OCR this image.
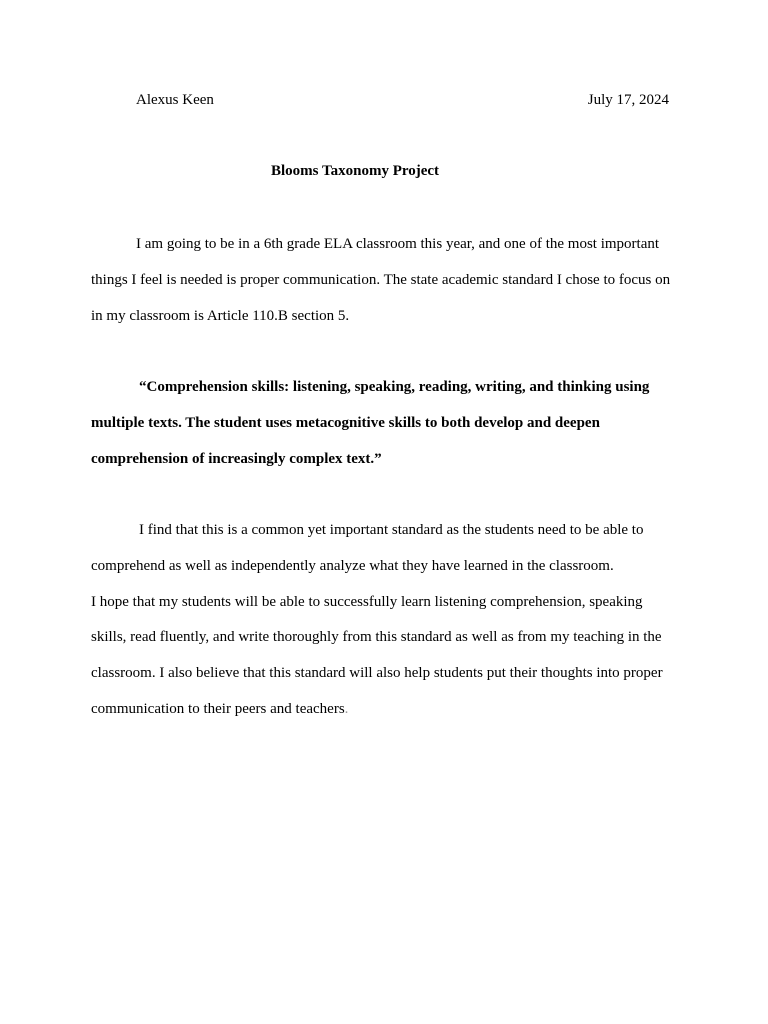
Alexus Keen	July 17, 2024
Blooms Taxonomy Project

I am going to be in a 6th grade ELA classroom this year, and one of the most important
things I feel is needed is proper communication. The state academic standard I chose to focus on
in my classroom is Article 110.B section 5.

“Comprehension skills: listening, speaking, reading, writing, and thinking using
multiple texts. The student uses metacognitive skills to both develop and deepen
comprehension of increasingly complex text.”

I find that this is a common yet important standard as the students need to be able to
comprehend as well as independently analyze what they have learned in the classroom.
I hope that my students will be able to successfully learn listening comprehension, speaking
skills, read fluently, and write thoroughly from this standard as well as from my teaching in the
classroom. I also believe that this standard will also help students put their thoughts into proper
communication to their peers and teachers.
